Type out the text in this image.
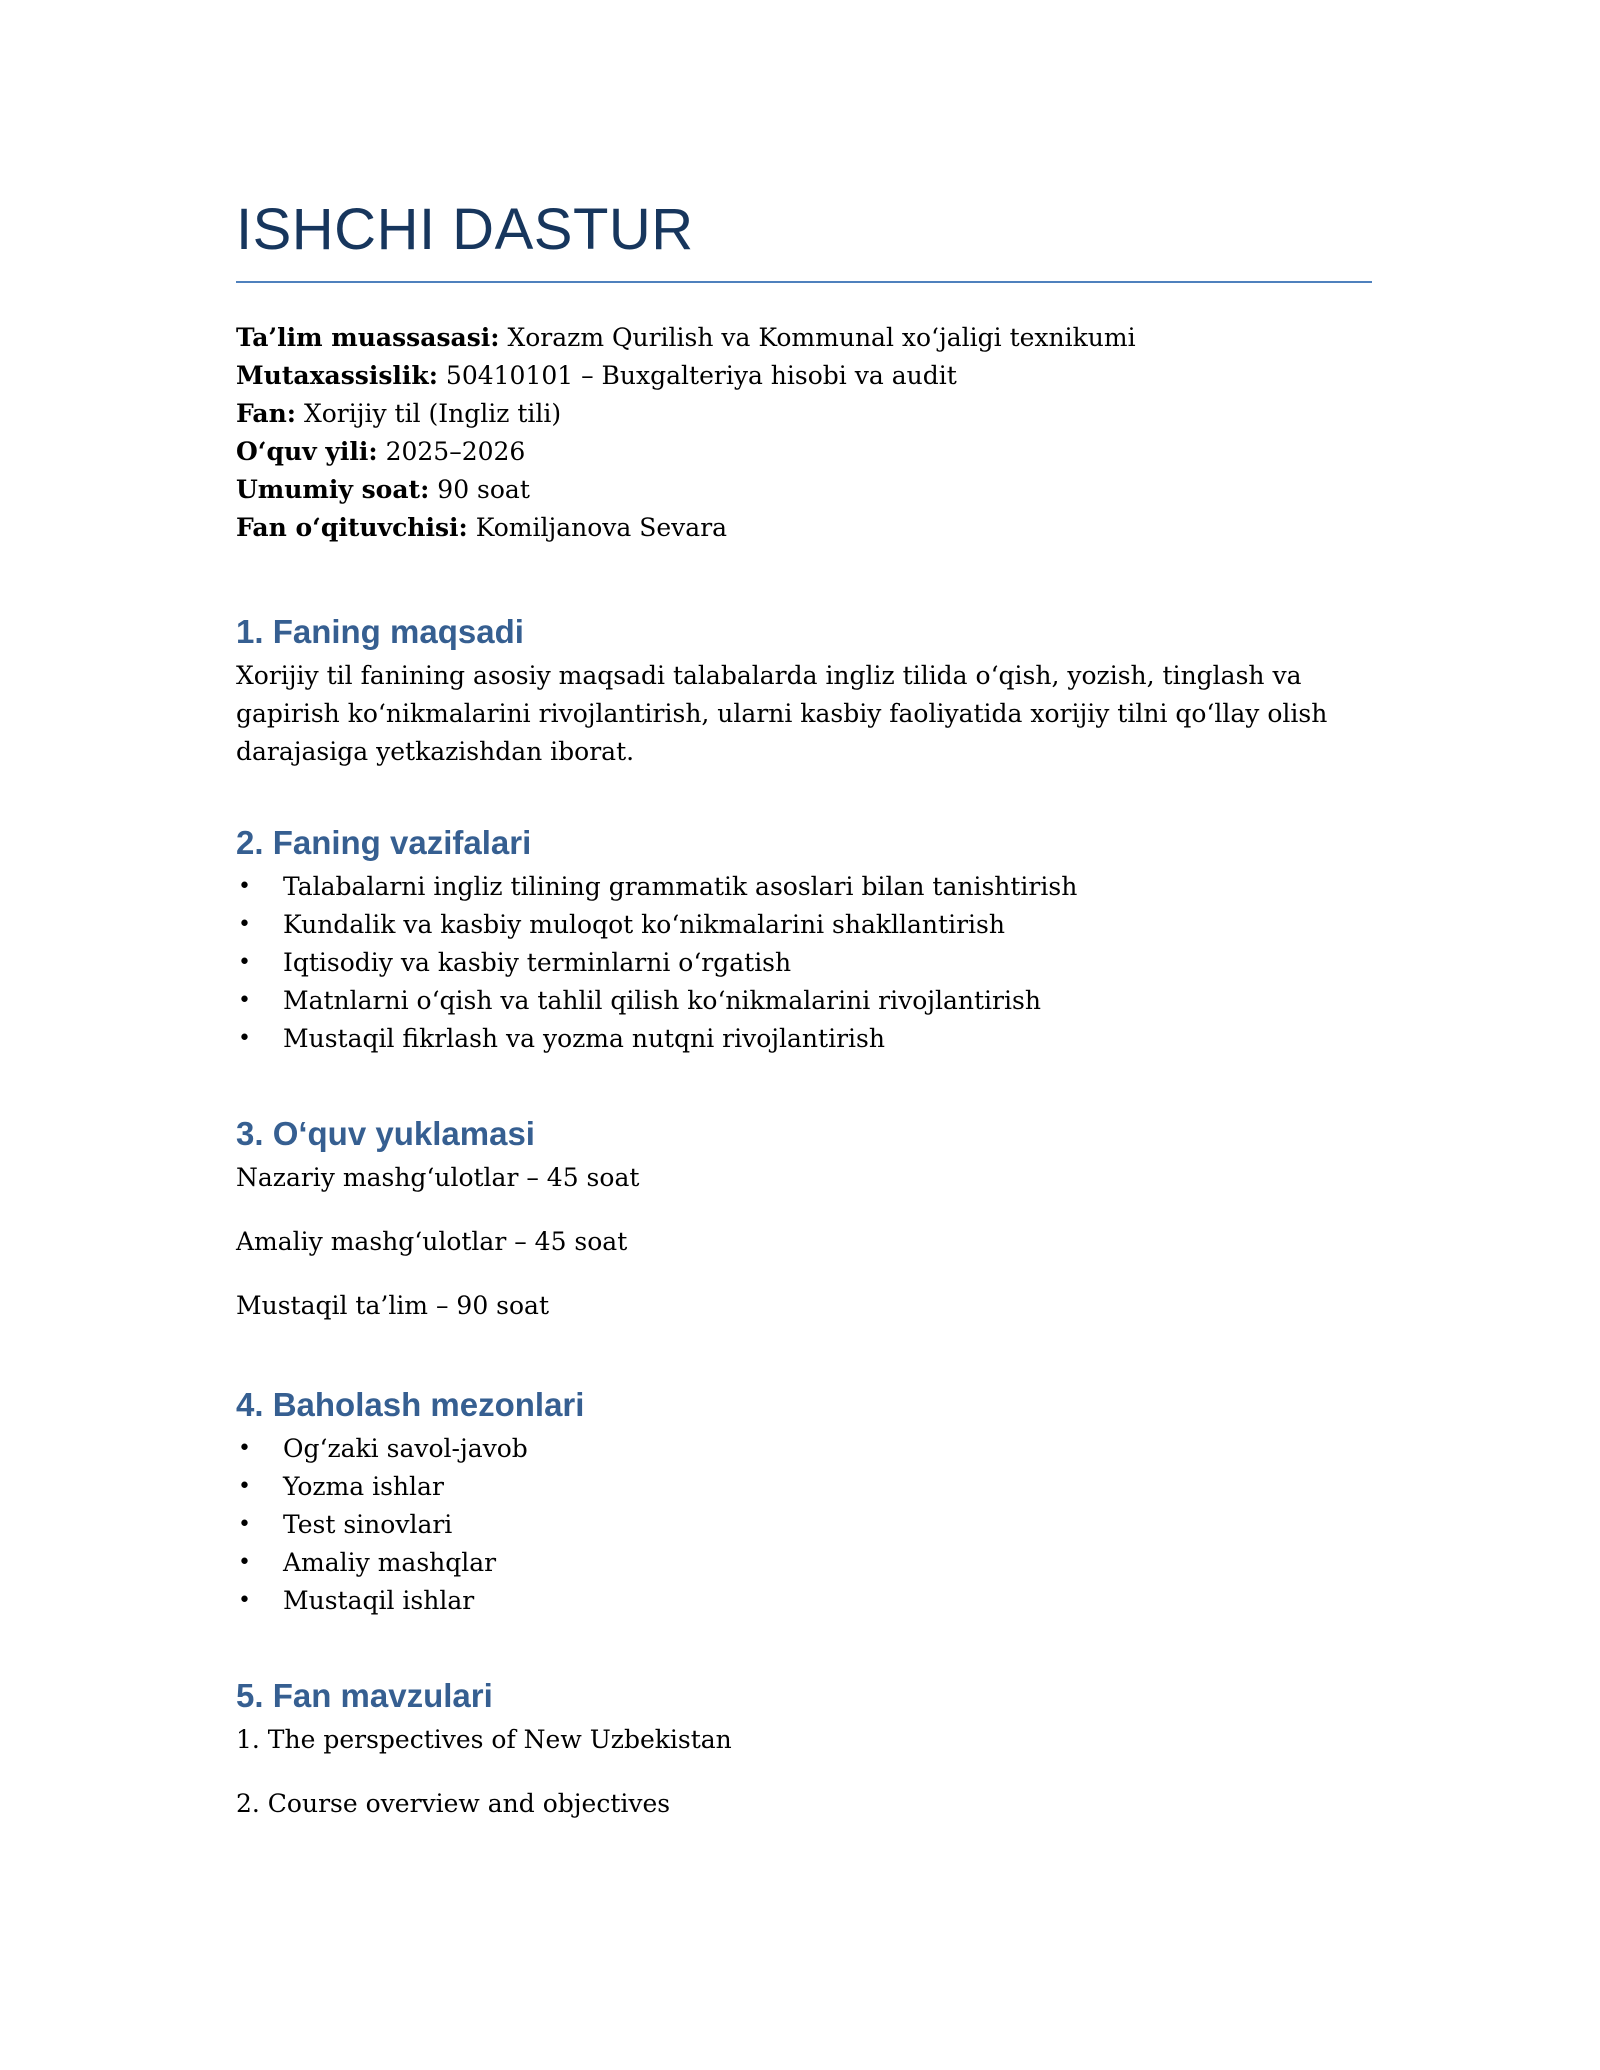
ISHCHI DASTUR
Ta’lim muassasasi: Xorazm Qurilish va Kommunal xoʻjaligi texnikumi
Mutaxassislik: 50410101 – Buxgalteriya hisobi va audit
Fan: Xorijiy til (Ingliz tili)
Oʻquv yili: 2025–2026
Umumiy soat: 90 soat
Fan oʻqituvchisi: Komiljanova Sevara
1. Faning maqsadi

Xorijiy til fanining asosiy maqsadi talabalarda ingliz tilida oʻqish, yozish, tinglash va gapirish koʻnikmalarini rivojlantirish, ularni kasbiy faoliyatida xorijiy tilni qoʻllay olish darajasiga yetkazishdan iborat.

2. Faning vazifalari
• Talabalarni ingliz tilining grammatik asoslari bilan tanishtirish
• Kundalik va kasbiy muloqot koʻnikmalarini shakllantirish
• Iqtisodiy va kasbiy terminlarni oʻrgatish
• Matnlarni oʻqish va tahlil qilish koʻnikmalarini rivojlantirish
• Mustaqil fikrlash va yozma nutqni rivojlantirish
3. Oʻquv yuklamasi

Nazariy mashgʻulotlar – 45 soat

Amaliy mashgʻulotlar – 45 soat

Mustaqil ta’lim – 90 soat

4. Baholash mezonlari
• Ogʻzaki savol-javob
• Yozma ishlar
• Test sinovlari
• Amaliy mashqlar
• Mustaqil ishlar
5. Fan mavzulari

1. The perspectives of New Uzbekistan

2. Course overview and objectives
